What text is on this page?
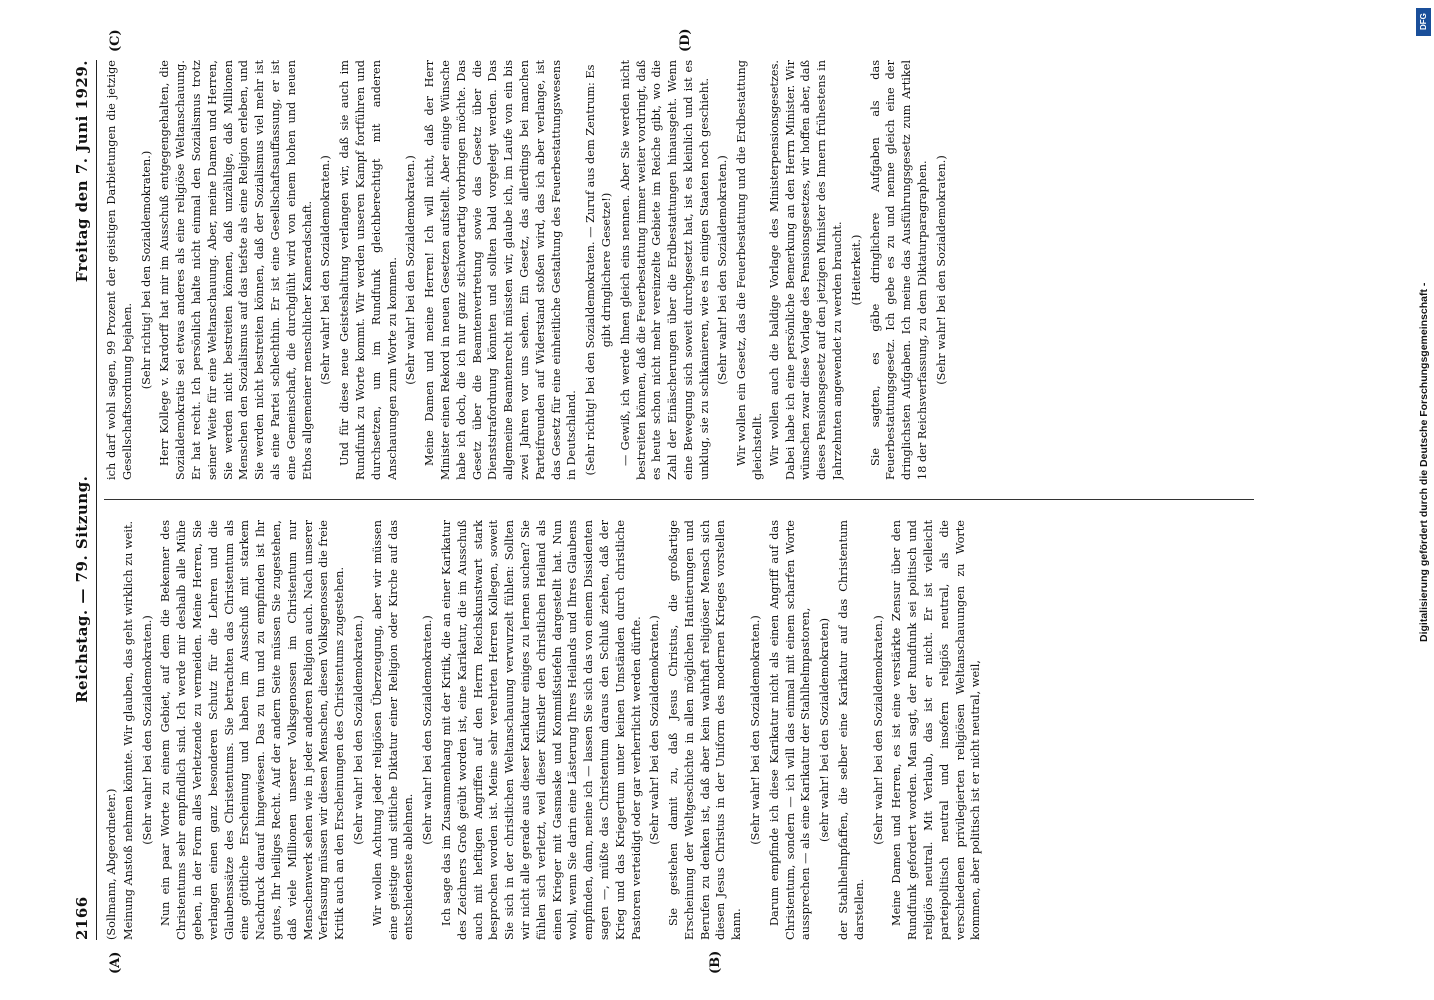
2166
Reichstag. — 79. Sitzung.
Freitag den 7. Juni 1929.
(A)	(B)
(C)	(D)

(Sollmann, Abgeordneter.) Meinung Anstoß nehmen könnte. Wir glauben, das geht wirklich zu weit. (Sehr wahr! bei den Sozialdemokraten.) Nun ein paar Worte zu einem Gebiet, auf dem die Bekenner des Christentums sehr empfindlich sind. Ich werde mir deshalb alle Mühe geben, in der Form alles Verletzende zu vermeiden. Meine Herren, Sie verlangen einen ganz besonderen Schutz für die Lehren und die Glaubenssätze des Christentums. Sie betrachten das Christentum als eine göttliche Erscheinung und haben im Ausschuß mit starkem Nachdruck darauf hingewiesen. Das zu tun und zu empfinden ist Ihr gutes, Ihr heiliges Recht. Auf der andern Seite müssen Sie zugestehen, daß viele Millionen unserer Volksgenossen im Christentum nur Menschenwerk sehen wie in jeder anderen Religion auch. Nach unserer Verfassung müssen wir diesen Menschen, diesen Volksgenossen die freie Kritik auch an den Erscheinungen des Christentums zugestehen. (Sehr wahr! bei den Sozialdemokraten.) Wir wollen Achtung jeder religiösen Überzeugung, aber wir müssen eine geistige und sittliche Diktatur einer Religion oder Kirche auf das entschiedenste ablehnen.

(Sehr wahr! bei den Sozialdemokraten.) Ich sage das im Zusammenhang mit der Kritik, die an einer Karikatur des Zeichners Groß geübt worden ist, eine Karikatur, die im Ausschuß auch mit heftigen Angriffen auf den Herrn Reichskunstwart stark besprochen worden ist. Meine sehr verehrten Herren Kollegen, soweit Sie sich in der christlichen Weltanschauung verwurzelt fühlen: Sollten wir nicht alle gerade aus dieser Karikatur einiges zu lernen suchen? Sie fühlen sich verletzt, weil dieser Künstler den christlichen Heiland als einen Krieger mit Gasmaske und Kommißstiefeln dargestellt hat. Nun wohl, wenn Sie darin eine Lästerung Ihres Heilands und Ihres Glaubens empfinden, dann, meine ich — lassen Sie sich das von einem Dissidenten sagen —, müßte das Christentum daraus den Schluß ziehen, daß der Krieg und das Kriegertum unter keinen Umständen durch christliche Pastoren verteidigt oder gar verherrlicht werden dürfte. (Sehr wahr! bei den Sozialdemokraten.) Sie gestehen damit zu, daß Jesus Christus, die großartige Erscheinung der Weltgeschichte in allen möglichen Hantierungen und Berufen zu denken ist, daß aber kein wahrhaft religiöser Mensch sich diesen Jesus Christus in der Uniform des modernen Krieges vorstellen kann.

(Sehr wahr! bei den Sozialdemokraten.) Darum empfinde ich diese Karikatur nicht als einen Angriff auf das Christentum, sondern — ich will das einmal mit einem scharfen Worte aussprechen — als eine Karikatur der Stahlhelmpastoren, (sehr wahr! bei den Sozialdemokraten) der Stahlhelmpfaffen, die selber eine Karikatur auf das Christentum darstellen.

(Sehr wahr! bei den Sozialdemokraten.) Meine Damen und Herren, es ist eine verstärkte Zensur über den Rundfunk gefordert worden. Man sagt, der Rundfunk sei politisch und religiös neutral. Mit Verlaub, das ist er nicht. Er ist vielleicht parteipolitisch neutral und insofern religiös neutral, als die verschiedenen privilegierten religiösen Weltanschauungen zu Worte kommen, aber politisch ist er nicht neutral, weil,

ich darf wohl sagen, 99 Prozent der geistigen Darbietungen die jetzige Gesellschaftsordnung bejahen.

(Sehr richtig! bei den Sozialdemokraten.) Herr Kollege v. Kardorff hat mir im Ausschuß entgegengehalten, die Sozialdemokratie sei etwas anderes als eine religiöse Weltanschauung. Er hat recht. Ich persönlich halte nicht einmal den Sozialismus trotz seiner Weite für eine Weltanschauung. Aber, meine Damen und Herren, Sie werden nicht bestreiten können, daß unzählige, daß Millionen Menschen den Sozialismus auf das tiefste als eine Religion erleben, und Sie werden nicht bestreiten können, daß der Sozialismus viel mehr ist als eine Partei schlechthin. Er ist eine Gesellschaftsauffassung, er ist eine Gemeinschaft, die durchglüht wird von einem hohen und neuen Ethos allgemeiner menschlicher Kameradschaft. (Sehr wahr! bei den Sozialdemokraten.) Und für diese neue Geisteshaltung verlangen wir, daß sie auch im Rundfunk zu Worte kommt. Wir werden unseren Kampf fortführen und durchsetzen, um im Rundfunk gleichberechtigt mit anderen Anschauungen zum Worte zu kommen. (Sehr wahr! bei den Sozialdemokraten.) Meine Damen und meine Herren! Ich will nicht, daß der Herr Minister einen Rekord in neuen Gesetzen aufstellt. Aber einige Wünsche habe ich doch, die ich nur ganz stichwortartig vorbringen möchte. Das Gesetz über die Beamtenvertretung sowie das Gesetz über die Dienststrafordnung könnten und sollten bald vorgelegt werden. Das allgemeine Beamtenrecht müssten wir, glaube ich, im Laufe von ein bis zwei Jahren vor uns sehen. Ein Gesetz, das allerdings bei manchen Parteifreunden auf Widerstand stoßen wird, das ich aber verlange, ist das Gesetz für eine einheitliche Gestaltung des Feuerbestattungswesens in Deutschland. (Sehr richtig! bei den Sozialdemokraten. — Zuruf aus dem Zentrum: Es gibt dringlichere Gesetze!) — Gewiß, ich werde Ihnen gleich eins nennen. Aber Sie werden nicht bestreiten können, daß die Feuerbestattung immer weiter vordringt, daß es heute schon nicht mehr vereinzelte Gebiete im Reiche gibt, wo die Zahl der Einäscherungen über die Erdbestattungen hinausgeht. Wenn eine Bewegung sich soweit durchgesetzt hat, ist es kleinlich und ist es unklug, sie zu schikanieren, wie es in einigen Staaten noch geschieht. (Sehr wahr! bei den Sozialdemokraten.) Wir wollen ein Gesetz, das die Feuerbestattung und die Erdbestattung gleichstellt. Wir wollen auch die baldige Vorlage des Ministerpensionsgesetzes. Dabei habe ich eine persönliche Bemerkung an den Herrn Minister. Wir wünschen zwar diese Vorlage des Pensionsgesetzes, wir hoffen aber, daß dieses Pensionsgesetz auf den jetzigen Minister des Innern frühestens in Jahrzehnten angewendet zu werden braucht. (Heiterkeit.) Sie sagten, es gäbe dringlichere Aufgaben als das Feuerbestattungsgesetz. Ich gebe es zu und nenne gleich eine der dringlichsten Aufgaben. Ich meine das Ausführungsgesetz zum Artikel 18 der Reichsverfassung, zu dem Diktaturparagraphen. (Sehr wahr! bei den Sozialdemokraten.)

DFG
Digitalisierung gefördert durch die Deutsche Forschungsgemeinschaft -
